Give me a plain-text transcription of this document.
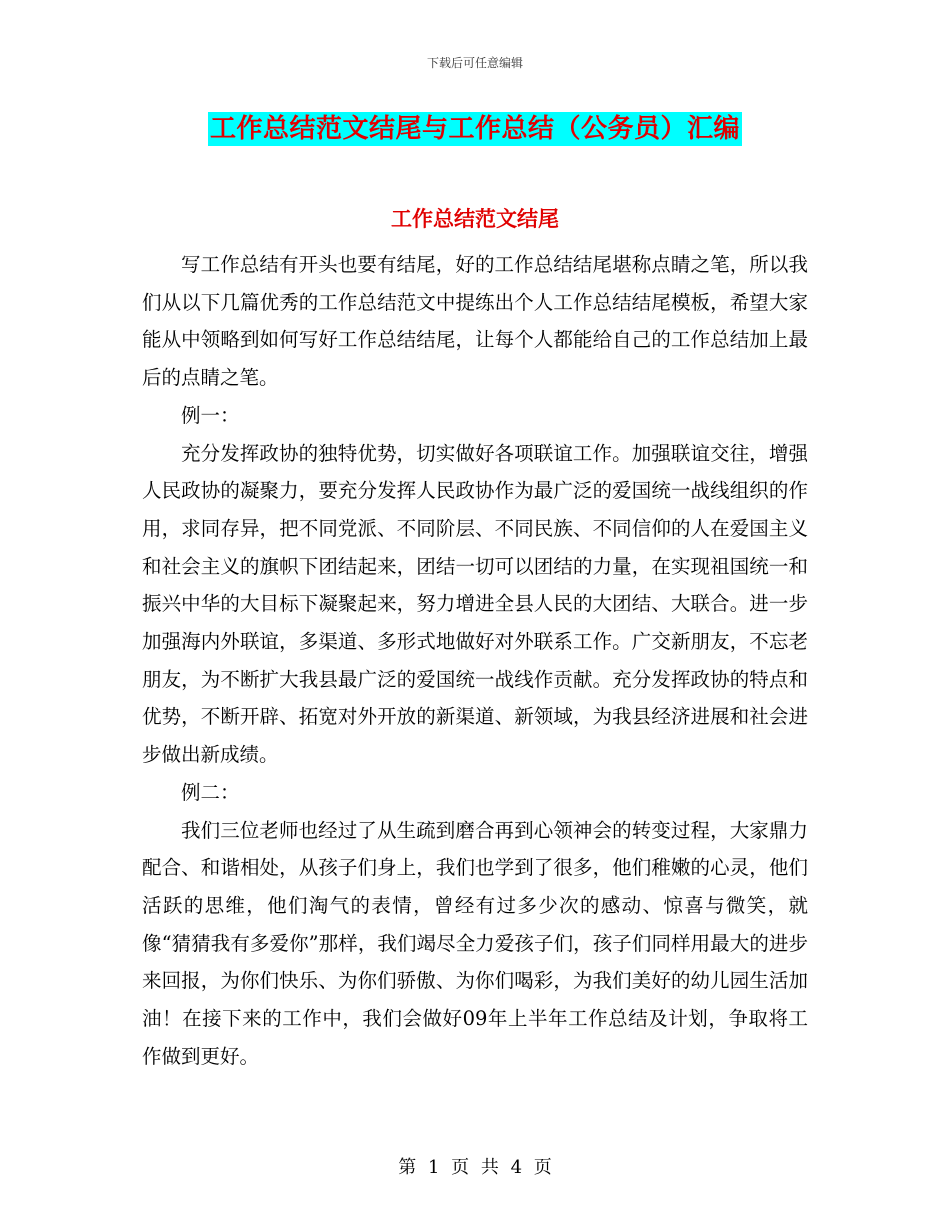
下载后可任意编辑
工作总结范文结尾与工作总结（公务员）汇编
工作总结范文结尾

写工作总结有开头也要有结尾，好的工作总结结尾堪称点睛之笔，所以我们从以下几篇优秀的工作总结范文中提练出个人工作总结结尾模板，希望大家能从中领略到如何写好工作总结结尾，让每个人都能给自己的工作总结加上最后的点睛之笔。

例一：

充分发挥政协的独特优势，切实做好各项联谊工作。加强联谊交往，增强人民政协的凝聚力，要充分发挥人民政协作为最广泛的爱国统一战线组织的作用，求同存异，把不同党派、不同阶层、不同民族、不同信仰的人在爱国主义和社会主义的旗帜下团结起来，团结一切可以团结的力量，在实现祖国统一和振兴中华的大目标下凝聚起来，努力增进全县人民的大团结、大联合。进一步加强海内外联谊，多渠道、多形式地做好对外联系工作。广交新朋友，不忘老朋友，为不断扩大我县最广泛的爱国统一战线作贡献。充分发挥政协的特点和优势，不断开辟、拓宽对外开放的新渠道、新领域，为我县经济进展和社会进步做出新成绩。

例二：

我们三位老师也经过了从生疏到磨合再到心领神会的转变过程，大家鼎力配合、和谐相处，从孩子们身上，我们也学到了很多，他们稚嫩的心灵，他们活跃的思维，他们淘气的表情，曾经有过多少次的感动、惊喜与微笑，就像“猜猜我有多爱你”那样，我们竭尽全力爱孩子们，孩子们同样用最大的进步来回报，为你们快乐、为你们骄傲、为你们喝彩，为我们美好的幼儿园生活加油！在接下来的工作中，我们会做好09年上半年工作总结及计划，争取将工作做到更好。

第 1 页 共 4 页
